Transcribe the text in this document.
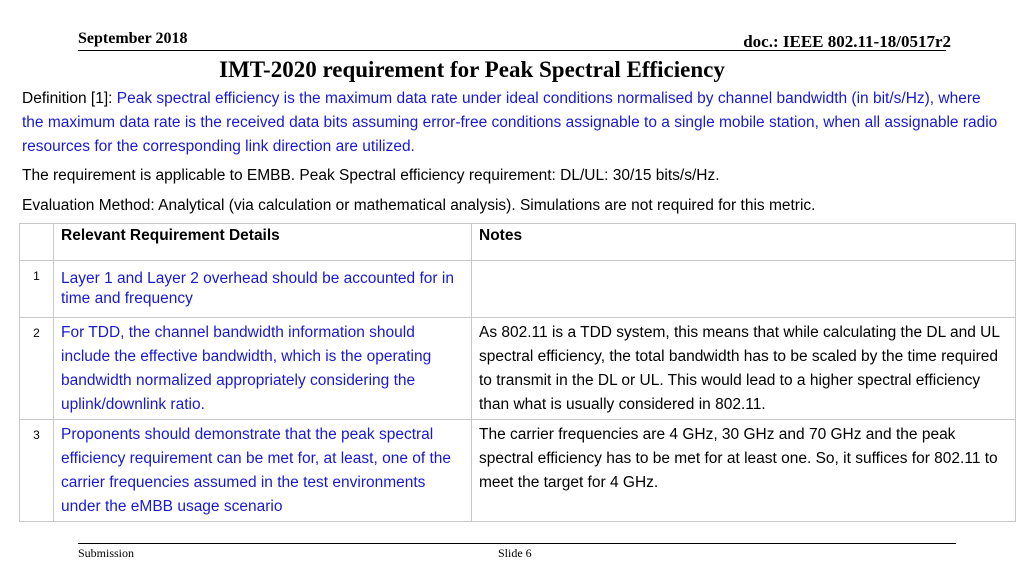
September 2018	doc.: IEEE 802.11-18/0517r2
IMT-2020 requirement for Peak Spectral Efficiency
Definition [1]: Peak spectral efficiency is the maximum data rate under ideal conditions normalised by channel bandwidth (in bit/s/Hz), where the maximum data rate is the received data bits assuming error-free conditions assignable to a single mobile station, when all assignable radio resources for the corresponding link direction are utilized.
The requirement is applicable to EMBB. Peak Spectral efficiency requirement: DL/UL: 30/15 bits/s/Hz.
Evaluation Method: Analytical (via calculation or mathematical analysis). Simulations are not required for this metric.
	Relevant Requirement Details	Notes

1	Layer 1 and Layer 2 overhead should be accounted for in time and frequency	

2	For TDD, the channel bandwidth information should include the effective bandwidth, which is the operating bandwidth normalized appropriately considering the uplink/downlink ratio.	As 802.11 is a TDD system, this means that while calculating the DL and UL spectral efficiency, the total bandwidth has to be scaled by the time required to transmit in the DL or UL. This would lead to a higher spectral efficiency than what is usually considered in 802.11.

3	Proponents should demonstrate that the peak spectral efficiency requirement can be met for, at least, one of the carrier frequencies assumed in the test environments under the eMBB usage scenario	The carrier frequencies are 4 GHz, 30 GHz and 70 GHz and the peak spectral efficiency has to be met for at least one. So, it suffices for 802.11 to meet the target for 4 GHz.
Submission	Slide 6
